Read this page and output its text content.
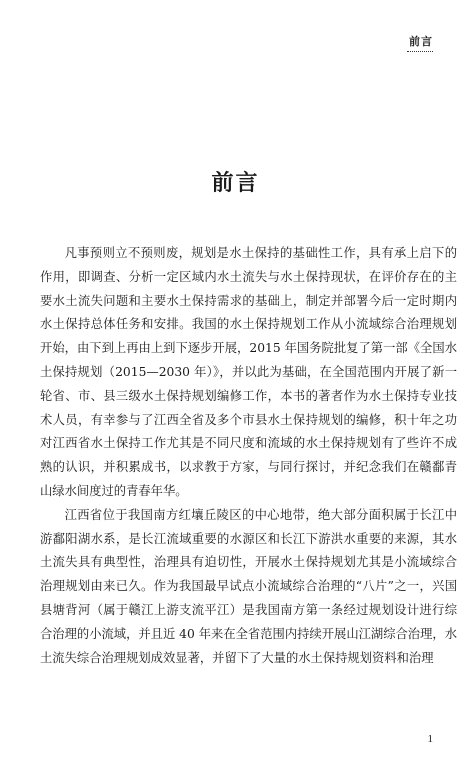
前言
前言

凡事预则立不预则废，规划是水土保持的基础性工作，具有承上启下的作用，即调查、分析一定区域内水土流失与水土保持现状，在评价存在的主要水土流失问题和主要水土保持需求的基础上，制定并部署今后一定时期内水土保持总体任务和安排。我国的水土保持规划工作从小流域综合治理规划开始，由下到上再由上到下逐步开展，2015 年国务院批复了第一部《全国水土保持规划（2015—2030 年）》，并以此为基础，在全国范围内开展了新一轮省、市、县三级水土保持规划编修工作，本书的著者作为水土保持专业技术人员，有幸参与了江西全省及多个市县水土保持规划的编修，积十年之功对江西省水土保持工作尤其是不同尺度和流域的水土保持规划有了些许不成熟的认识，并积累成书，以求教于方家，与同行探讨，并纪念我们在赣鄱青山绿水间度过的青春年华。

江西省位于我国南方红壤丘陵区的中心地带，绝大部分面积属于长江中游鄱阳湖水系，是长江流域重要的水源区和长江下游洪水重要的来源，其水土流失具有典型性，治理具有迫切性，开展水土保持规划尤其是小流域综合治理规划由来已久。作为我国最早试点小流域综合治理的“八片”之一，兴国县塘背河（属于赣江上游支流平江）是我国南方第一条经过规划设计进行综合治理的小流域，并且近 40 年来在全省范围内持续开展山江湖综合治理，水土流失综合治理规划成效显著，并留下了大量的水土保持规划资料和治理

1
